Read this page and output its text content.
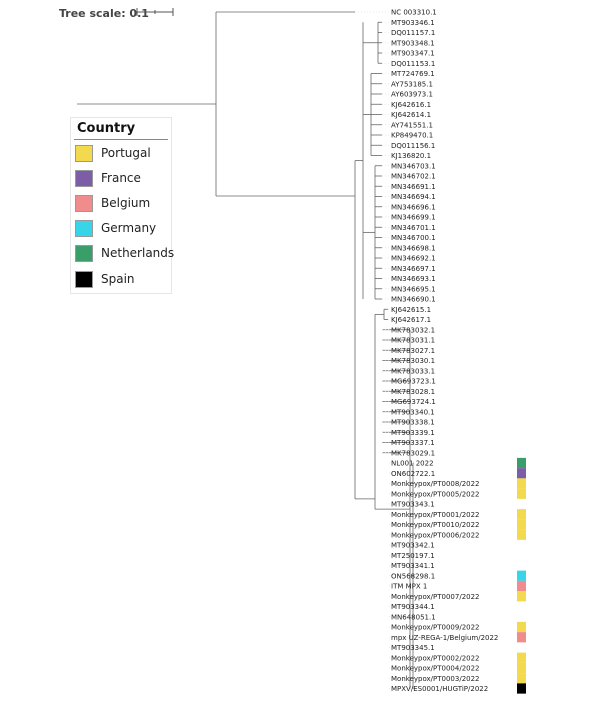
Tree scale: 0.1	NC 003310.1
MT903346.1
DQ011157.1
MT903348.1
MT903347.1
DQ011153.1
MT724769.1
AY753185.1
AY603973.1
KJ642616.1
KJ642614.1
AY741551.1
KP849470.1
DQ011156.1
KJ136820.1
MN346703.1
MN346702.1
MN346691.1
MN346694.1
MN346696.1
MN346699.1
MN346701.1
MN346700.1
MN346698.1
MN346692.1
MN346697.1
MN346693.1
MN346695.1
MN346690.1
KJ642615.1
KJ642617.1
MK783032.1
MK783031.1
MK783027.1
MK783030.1
MK783033.1
MG693723.1
MK783028.1
MG693724.1
MT903340.1
MT903338.1
MT903339.1
MT903337.1
MK783029.1
NL001 2022
ON602722.1
Monkeypox/PT0008/2022
Monkeypox/PT0005/2022
MT903343.1
Monkeypox/PT0001/2022
Monkeypox/PT0010/2022
Monkeypox/PT0006/2022
MT903342.1
MT250197.1
MT903341.1
ON568298.1
ITM MPX 1
Monkeypox/PT0007/2022
MT903344.1
MN648051.1
Monkeypox/PT0009/2022
mpx UZ-REGA-1/Belgium/2022
MT903345.1
Monkeypox/PT0002/2022
Monkeypox/PT0004/2022
Monkeypox/PT0003/2022
MPXV/ES0001/HUGTiP/2022
Country
Portugal
France
Belgium
Germany
Netherlands
Spain
